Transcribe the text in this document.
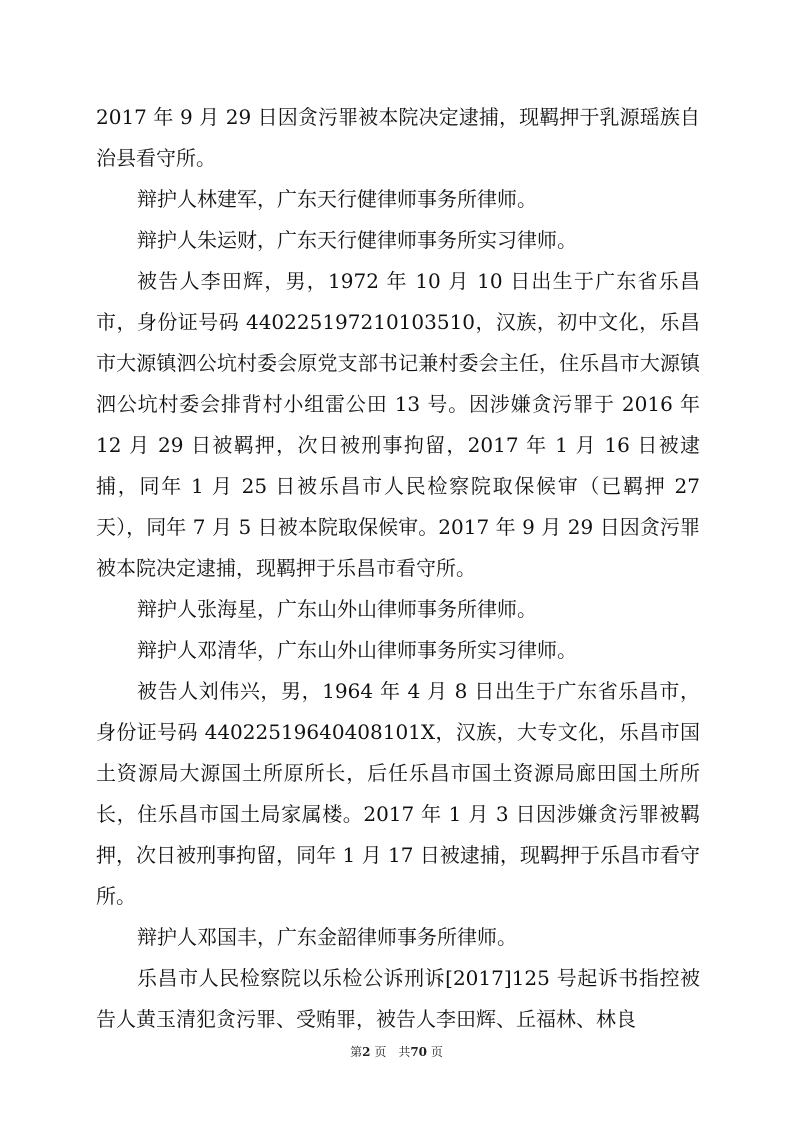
2017 年 9 月 29 日因贪污罪被本院决定逮捕，现羁押于乳源瑶族自治县看守所。

辩护人林建军，广东天行健律师事务所律师。

辩护人朱运财，广东天行健律师事务所实习律师。

被告人李田辉，男，1972 年 10 月 10 日出生于广东省乐昌市，身份证号码 440225197210103510，汉族，初中文化，乐昌市大源镇泗公坑村委会原党支部书记兼村委会主任，住乐昌市大源镇泗公坑村委会排背村小组雷公田 13 号。因涉嫌贪污罪于 2016 年 12 月 29 日被羁押，次日被刑事拘留，2017 年 1 月 16 日被逮捕，同年 1 月 25 日被乐昌市人民检察院取保候审（已羁押 27 天），同年 7 月 5 日被本院取保候审。2017 年 9 月 29 日因贪污罪被本院决定逮捕，现羁押于乐昌市看守所。

辩护人张海星，广东山外山律师事务所律师。

辩护人邓清华，广东山外山律师事务所实习律师。

被告人刘伟兴，男，1964 年 4 月 8 日出生于广东省乐昌市，身份证号码 44022519640408101X，汉族，大专文化，乐昌市国土资源局大源国土所原所长，后任乐昌市国土资源局廊田国土所所长，住乐昌市国土局家属楼。2017 年 1 月 3 日因涉嫌贪污罪被羁押，次日被刑事拘留，同年 1 月 17 日被逮捕，现羁押于乐昌市看守所。

辩护人邓国丰，广东金韶律师事务所律师。

乐昌市人民检察院以乐检公诉刑诉[2017]125 号起诉书指控被告人黄玉清犯贪污罪、受贿罪，被告人李田辉、丘福林、林良

第2 页　共70 页
